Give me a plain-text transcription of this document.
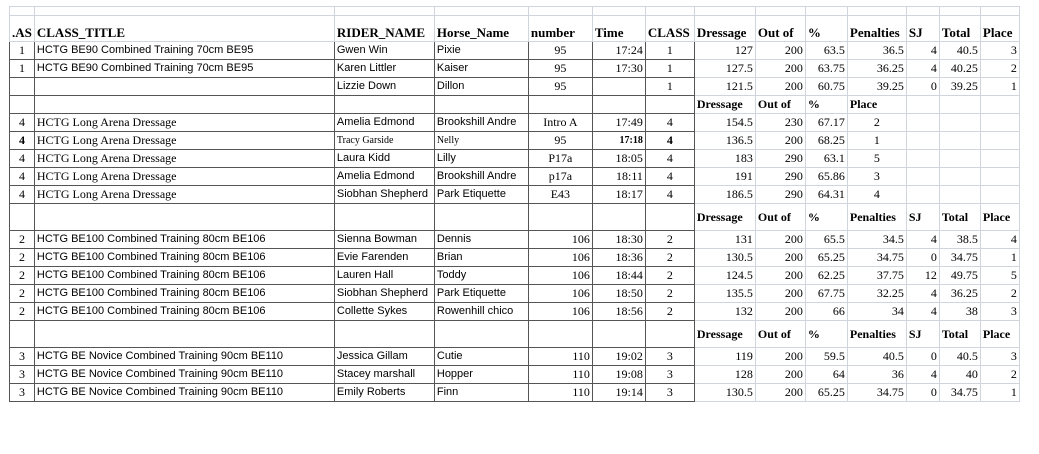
.AS	CLASS_TITLE	RIDER_NAME	Horse_Name	number	Time	CLASS	Dressage	Out of	%	Penalties	SJ	Total	Place
1	HCTG BE90 Combined Training 70cm BE95	Gwen Win	Pixie	95	17:24	1	127	200	63.5	36.5	4	40.5	3
1	HCTG BE90 Combined Training 70cm BE95	Karen Littler	Kaiser	95	17:30	1	127.5	200	63.75	36.25	4	40.25	2
		Lizzie Down	Dillon	95		1	121.5	200	60.75	39.25	0	39.25	1
							Dressage	Out of	%	Place			
4	HCTG Long Arena Dressage	Amelia Edmond	Brookshill Andre	Intro A	17:49	4	154.5	230	67.17	2			
4	HCTG Long Arena Dressage	Tracy Garside	Nelly	95	17:18	4	136.5	200	68.25	1			
4	HCTG Long Arena Dressage	Laura Kidd	Lilly	P17a	18:05	4	183	290	63.1	5			
4	HCTG Long Arena Dressage	Amelia Edmond	Brookshill Andre	p17a	18:11	4	191	290	65.86	3			
4	HCTG Long Arena Dressage	Siobhan Shepherd	Park Etiquette	E43	18:17	4	186.5	290	64.31	4			
							Dressage	Out of	%	Penalties	SJ	Total	Place
2	HCTG BE100 Combined Training 80cm BE106	Sienna Bowman	Dennis	106	18:30	2	131	200	65.5	34.5	4	38.5	4
2	HCTG BE100 Combined Training 80cm BE106	Evie Farenden	Brian	106	18:36	2	130.5	200	65.25	34.75	0	34.75	1
2	HCTG BE100 Combined Training 80cm BE106	Lauren Hall	Toddy	106	18:44	2	124.5	200	62.25	37.75	12	49.75	5
2	HCTG BE100 Combined Training 80cm BE106	Siobhan Shepherd	Park Etiquette	106	18:50	2	135.5	200	67.75	32.25	4	36.25	2
2	HCTG BE100 Combined Training 80cm BE106	Collette Sykes	Rowenhill chico	106	18:56	2	132	200	66	34	4	38	3
							Dressage	Out of	%	Penalties	SJ	Total	Place
3	HCTG BE Novice Combined Training 90cm BE110	Jessica Gillam	Cutie	110	19:02	3	119	200	59.5	40.5	0	40.5	3
3	HCTG BE Novice Combined Training 90cm BE110	Stacey marshall	Hopper	110	19:08	3	128	200	64	36	4	40	2
3	HCTG BE Novice Combined Training 90cm BE110	Emily Roberts	Finn	110	19:14	3	130.5	200	65.25	34.75	0	34.75	1
